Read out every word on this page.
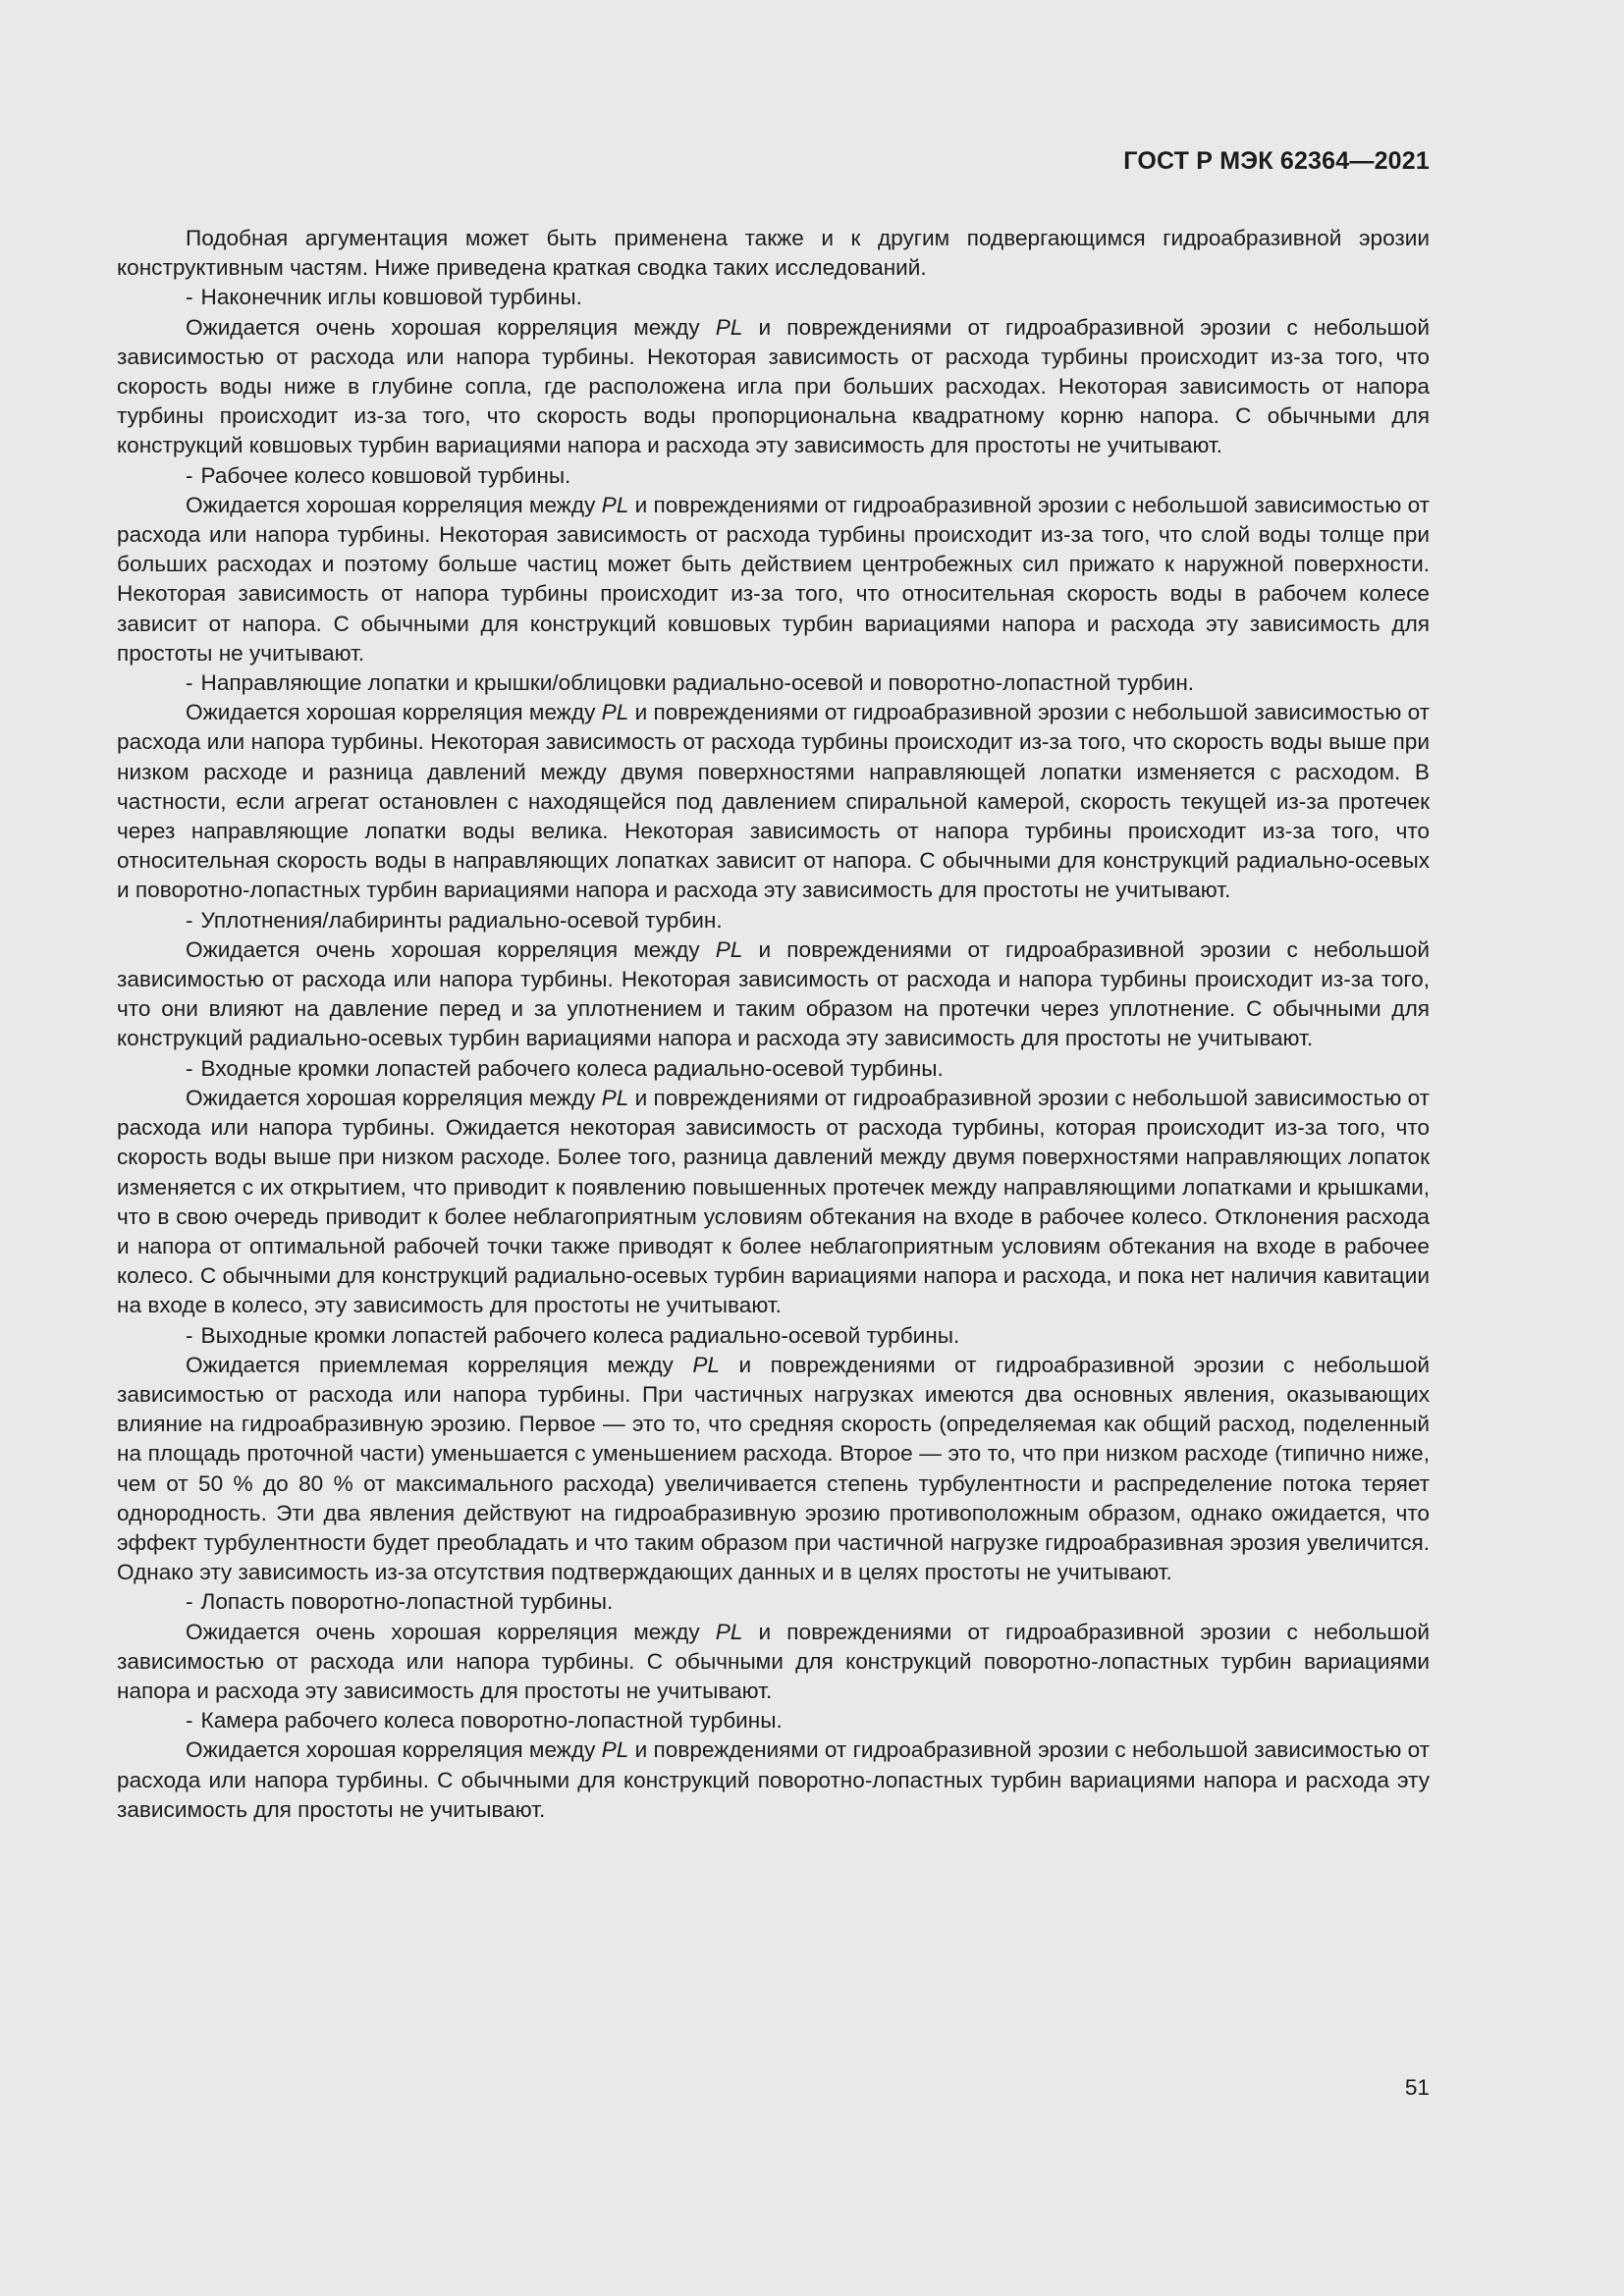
ГОСТ Р МЭК 62364—2021

Подобная аргументация может быть применена также и к другим подвергающимся гидроабразивной эрозии конструктивным частям. Ниже приведена краткая сводка таких исследований.

- Наконечник иглы ковшовой турбины.

Ожидается очень хорошая корреляция между PL и повреждениями от гидроабразивной эрозии с небольшой зависимостью от расхода или напора турбины. Некоторая зависимость от расхода турбины происходит из-за того, что скорость воды ниже в глубине сопла, где расположена игла при больших расходах. Некоторая зависимость от напора турбины происходит из-за того, что скорость воды пропорциональна квадратному корню напора. С обычными для конструкций ковшовых турбин вариациями напора и расхода эту зависимость для простоты не учитывают.

- Рабочее колесо ковшовой турбины.

Ожидается хорошая корреляция между PL и повреждениями от гидроабразивной эрозии с небольшой зависимостью от расхода или напора турбины. Некоторая зависимость от расхода турбины происходит из-за того, что слой воды толще при больших расходах и поэтому больше частиц может быть действием центробежных сил прижато к наружной поверхности. Некоторая зависимость от напора турбины происходит из-за того, что относительная скорость воды в рабочем колесе зависит от напора. С обычными для конструкций ковшовых турбин вариациями напора и расхода эту зависимость для простоты не учитывают.

- Направляющие лопатки и крышки/облицовки радиально-осевой и поворотно-лопастной турбин.

Ожидается хорошая корреляция между PL и повреждениями от гидроабразивной эрозии с небольшой зависимостью от расхода или напора турбины. Некоторая зависимость от расхода турбины происходит из-за того, что скорость воды выше при низком расходе и разница давлений между двумя поверхностями направляющей лопатки изменяется с расходом. В частности, если агрегат остановлен с находящейся под давлением спиральной камерой, скорость текущей из-за протечек через направляющие лопатки воды велика. Некоторая зависимость от напора турбины происходит из-за того, что относительная скорость воды в направляющих лопатках зависит от напора. С обычными для конструкций радиально-осевых и поворотно-лопастных турбин вариациями напора и расхода эту зависимость для простоты не учитывают.

- Уплотнения/лабиринты радиально-осевой турбин.

Ожидается очень хорошая корреляция между PL и повреждениями от гидроабразивной эрозии с небольшой зависимостью от расхода или напора турбины. Некоторая зависимость от расхода и напора турбины происходит из-за того, что они влияют на давление перед и за уплотнением и таким образом на протечки через уплотнение. С обычными для конструкций радиально-осевых турбин вариациями напора и расхода эту зависимость для простоты не учитывают.

- Входные кромки лопастей рабочего колеса радиально-осевой турбины.

Ожидается хорошая корреляция между PL и повреждениями от гидроабразивной эрозии с небольшой зависимостью от расхода или напора турбины. Ожидается некоторая зависимость от расхода турбины, которая происходит из-за того, что скорость воды выше при низком расходе. Более того, разница давлений между двумя поверхностями направляющих лопаток изменяется с их открытием, что приводит к появлению повышенных протечек между направляющими лопатками и крышками, что в свою очередь приводит к более неблагоприятным условиям обтекания на входе в рабочее колесо. Отклонения расхода и напора от оптимальной рабочей точки также приводят к более неблагоприятным условиям обтекания на входе в рабочее колесо. С обычными для конструкций радиально-осевых турбин вариациями напора и расхода, и пока нет наличия кавитации на входе в колесо, эту зависимость для простоты не учитывают.

- Выходные кромки лопастей рабочего колеса радиально-осевой турбины.

Ожидается приемлемая корреляция между PL и повреждениями от гидроабразивной эрозии с небольшой зависимостью от расхода или напора турбины. При частичных нагрузках имеются два основных явления, оказывающих влияние на гидроабразивную эрозию. Первое — это то, что средняя скорость (определяемая как общий расход, поделенный на площадь проточной части) уменьшается с уменьшением расхода. Второе — это то, что при низком расходе (типично ниже, чем от 50 % до 80 % от максимального расхода) увеличивается степень турбулентности и распределение потока теряет однородность. Эти два явления действуют на гидроабразивную эрозию противоположным образом, однако ожидается, что эффект турбулентности будет преобладать и что таким образом при частичной нагрузке гидроабразивная эрозия увеличится. Однако эту зависимость из-за отсутствия подтверждающих данных и в целях простоты не учитывают.

- Лопасть поворотно-лопастной турбины.

Ожидается очень хорошая корреляция между PL и повреждениями от гидроабразивной эрозии с небольшой зависимостью от расхода или напора турбины. С обычными для конструкций поворотно-лопастных турбин вариациями напора и расхода эту зависимость для простоты не учитывают.

- Камера рабочего колеса поворотно-лопастной турбины.

Ожидается хорошая корреляция между PL и повреждениями от гидроабразивной эрозии с небольшой зависимостью от расхода или напора турбины. С обычными для конструкций поворотно-лопастных турбин вариациями напора и расхода эту зависимость для простоты не учитывают.

51
